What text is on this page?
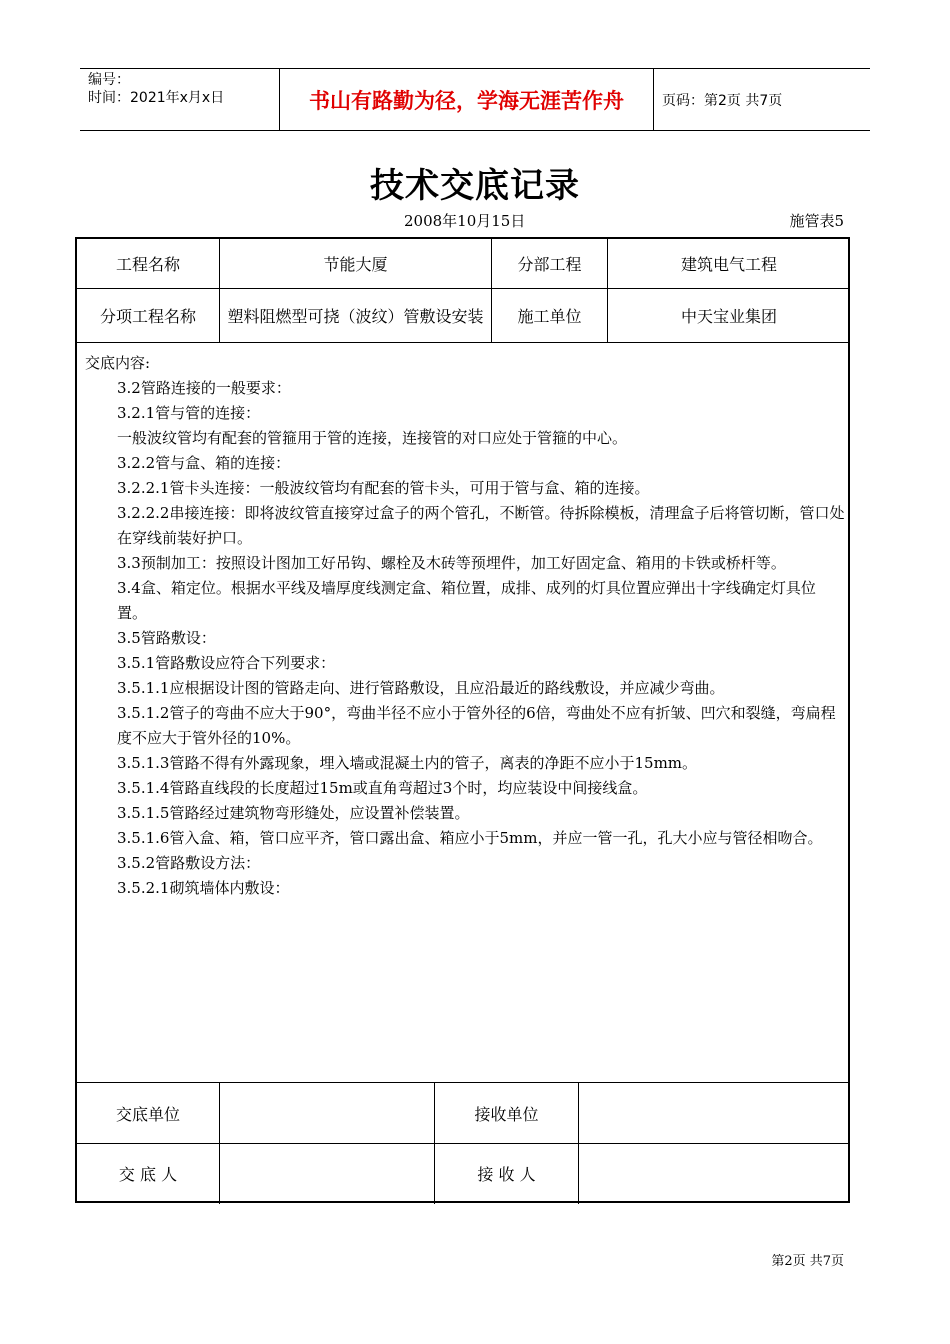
编号：
时间：2021年x月x日	书山有路勤为径，学海无涯苦作舟	页码：第2页 共7页
技术交底记录
2008年10月15日	施管表5
工程名称	节能大厦	分部工程	建筑电气工程
分项工程名称	塑料阻燃型可挠（波纹）管敷设安装	施工单位	中天宝业集团
交底内容:
3.2管路连接的一般要求：
3.2.1管与管的连接：
一般波纹管均有配套的管箍用于管的连接，连接管的对口应处于管箍的中心。
3.2.2管与盒、箱的连接：
3.2.2.1管卡头连接：一般波纹管均有配套的管卡头，可用于管与盒、箱的连接。
3.2.2.2串接连接：即将波纹管直接穿过盒子的两个管孔，不断管。待拆除模板，清理盒子后将管切断，管口处在穿线前装好护口。
3.3预制加工：按照设计图加工好吊钩、螺栓及木砖等预埋件，加工好固定盒、箱用的卡铁或桥杆等。
3.4盒、箱定位。根据水平线及墙厚度线测定盒、箱位置，成排、成列的灯具位置应弹出十字线确定灯具位置。
3.5管路敷设：
3.5.1管路敷设应符合下列要求：
3.5.1.1应根据设计图的管路走向、进行管路敷设，且应沿最近的路线敷设，并应减少弯曲。
3.5.1.2管子的弯曲不应大于90°，弯曲半径不应小于管外径的6倍，弯曲处不应有折皱、凹穴和裂缝，弯扁程度不应大于管外径的10%。
3.5.1.3管路不得有外露现象，埋入墙或混凝土内的管子，离表的净距不应小于15mm。
3.5.1.4管路直线段的长度超过15m或直角弯超过3个时，均应装设中间接线盒。
3.5.1.5管路经过建筑物弯形缝处，应设置补偿装置。
3.5.1.6管入盒、箱，管口应平齐，管口露出盒、箱应小于5mm，并应一管一孔，孔大小应与管径相吻合。
3.5.2管路敷设方法：
3.5.2.1砌筑墙体内敷设：
交底单位	接收单位
交 底 人	接 收 人
第2页 共7页
